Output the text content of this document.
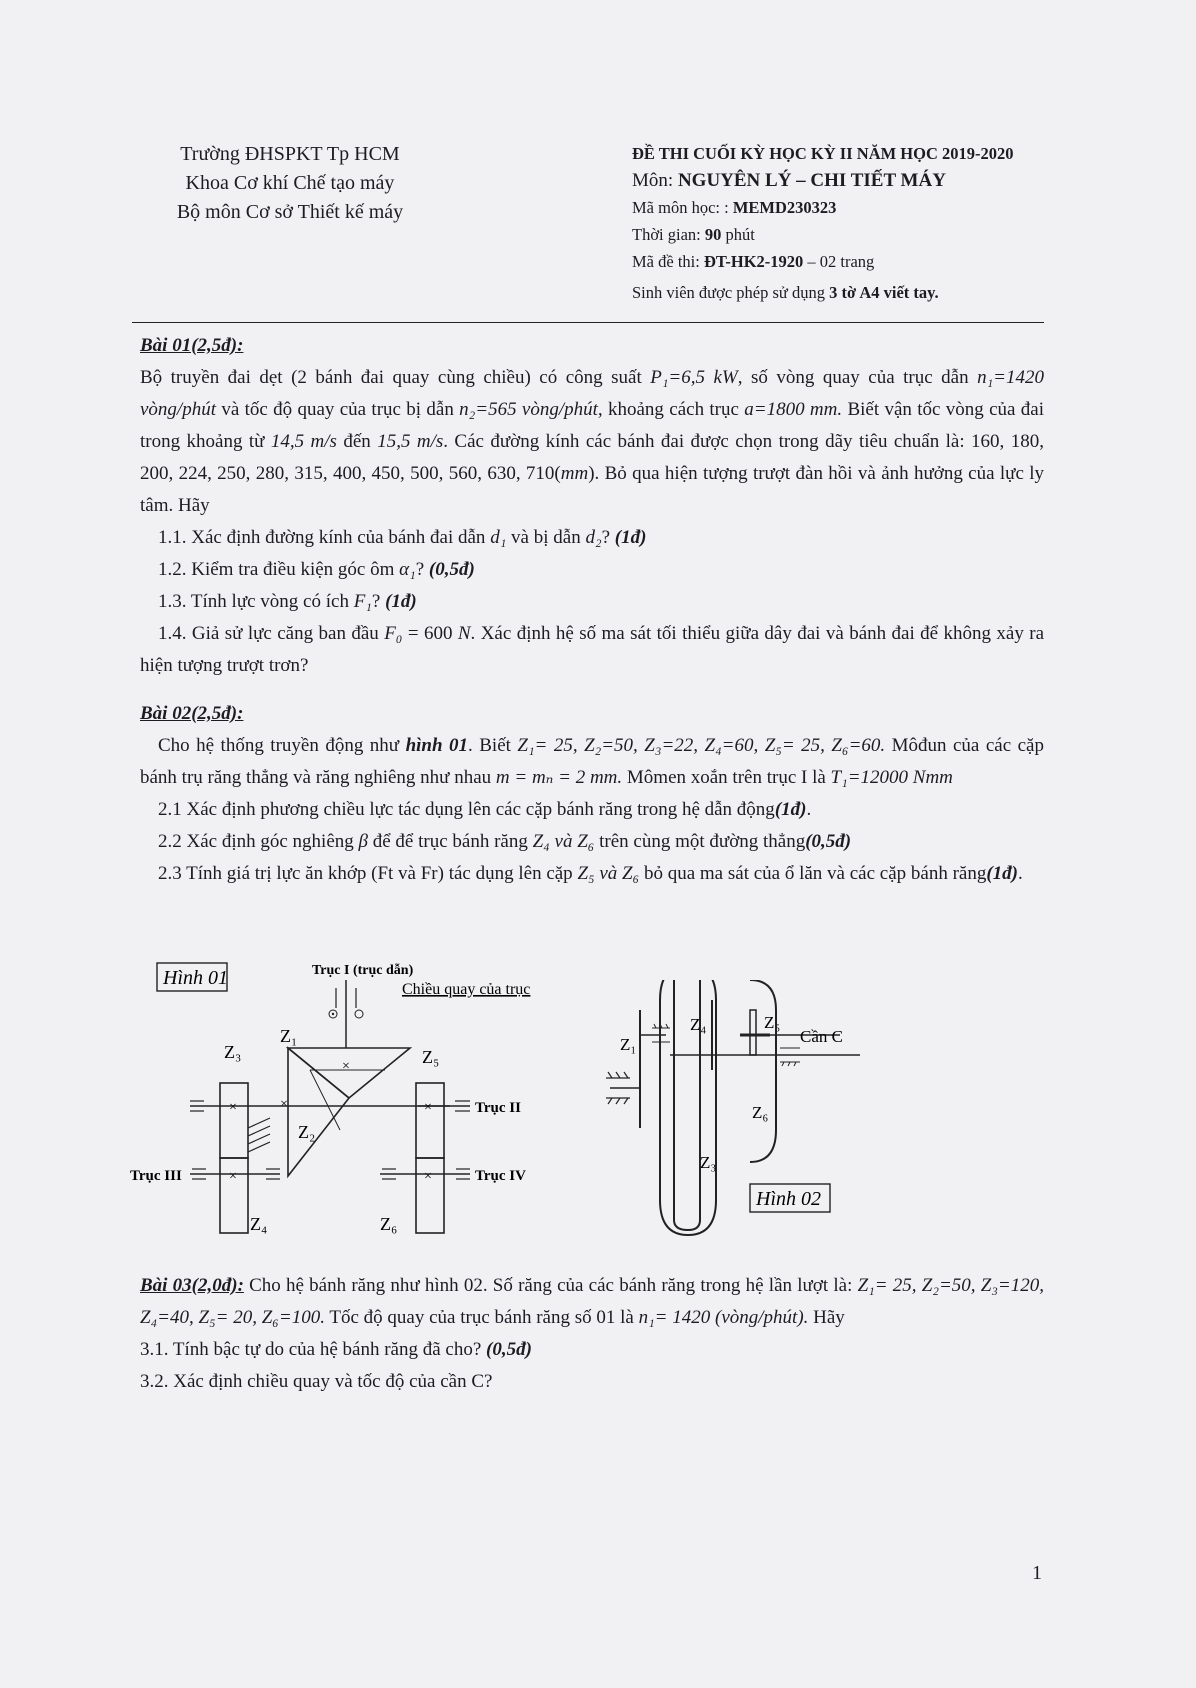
Trường ĐHSPKT Tp HCM
Khoa Cơ khí Chế tạo máy
Bộ môn Cơ sở Thiết kế máy
ĐỀ THI CUỐI KỲ HỌC KỲ II NĂM HỌC 2019-2020
Môn: NGUYÊN LÝ – CHI TIẾT MÁY
Mã môn học: : MEMD230323
Thời gian: 90 phút
Mã đề thi: ĐT-HK2-1920 – 02 trang
Sinh viên được phép sử dụng 3 tờ A4 viết tay.
Bài 01(2,5đ):
Bộ truyền đai dẹt (2 bánh đai quay cùng chiều) có công suất P₁=6,5 kW, số vòng quay của trục dẫn n₁=1420 vòng/phút và tốc độ quay của trục bị dẫn n₂=565 vòng/phút, khoảng cách trục a=1800 mm. Biết vận tốc vòng của đai trong khoảng từ 14,5 m/s đến 15,5 m/s. Các đường kính các bánh đai được chọn trong dãy tiêu chuẩn là: 160, 180, 200, 224, 250, 280, 315, 400, 450, 500, 560, 630, 710(mm). Bỏ qua hiện tượng trượt đàn hồi và ảnh hưởng của lực ly tâm. Hãy
1.1. Xác định đường kính của bánh đai dẫn d₁ và bị dẫn d₂? (1đ)
1.2. Kiểm tra điều kiện góc ôm α₁? (0,5đ)
1.3. Tính lực vòng có ích F₁? (1đ)
1.4. Giả sử lực căng ban đầu F₀ = 600 N. Xác định hệ số ma sát tối thiểu giữa dây đai và bánh đai để không xảy ra hiện tượng trượt trơn?
Bài 02(2,5đ):
Cho hệ thống truyền động như hình 01. Biết Z₁= 25, Z₂=50, Z₃=22, Z₄=60, Z₅= 25, Z₆=60. Môđun của các cặp bánh trụ răng thẳng và răng nghiêng như nhau m = mₙ = 2 mm. Mômen xoắn trên trục I là T₁=12000 Nmm
2.1 Xác định phương chiều lực tác dụng lên các cặp bánh răng trong hệ dẫn động(1đ).
2.2 Xác định góc nghiêng β để để trục bánh răng Z₄ và Z₆ trên cùng một đường thẳng(0,5đ)
2.3 Tính giá trị lực ăn khớp (Ft và Fr) tác dụng lên cặp Z₅ và Z₆ bỏ qua ma sát của ổ lăn và các cặp bánh răng(1đ).
Hình 01	Trục I (trục dẫn)
Chiều quay của trục
×
Z₁
×
Z₂
Trục II
×
Z₃
×
Z₄
Trục III
×
Z₅
×
Z₆
Trục IV
Z₁
Z₃
Z₄	Z₅
Z₆
Cần C
Hình 02
Bài 03(2,0đ): Cho hệ bánh răng như hình 02. Số răng của các bánh răng trong hệ lần lượt là: Z₁= 25, Z₂=50, Z₃=120, Z₄=40, Z₅= 20, Z₆=100. Tốc độ quay của trục bánh răng số 01 là n₁= 1420 (vòng/phút). Hãy
3.1. Tính bậc tự do của hệ bánh răng đã cho? (0,5đ)
3.2. Xác định chiều quay và tốc độ của cần C?
1
